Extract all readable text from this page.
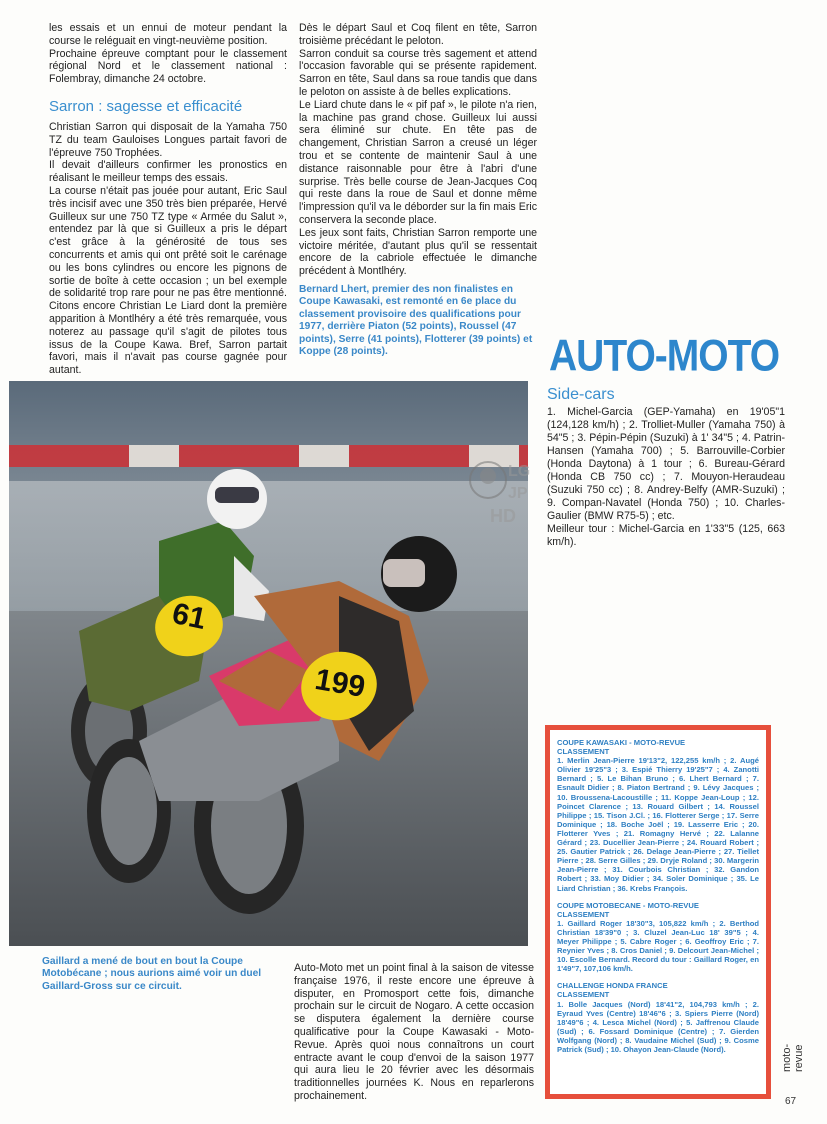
les essais et un ennui de moteur pendant la course le reléguait en vingt-neuvième position.

Prochaine épreuve comptant pour le classement régional Nord et le classement national : Folembray, dimanche 24 octobre.

Sarron : sagesse et efficacité

Christian Sarron qui disposait de la Yamaha 750 TZ du team Gauloises Longues partait favori de l'épreuve 750 Trophées.

Il devait d'ailleurs confirmer les pronostics en réalisant le meilleur temps des essais.

La course n'était pas jouée pour autant, Eric Saul très incisif avec une 350 très bien préparée, Hervé Guilleux sur une 750 TZ type « Armée du Salut », entendez par là que si Guilleux a pris le départ c'est grâce à la générosité de tous ses concurrents et amis qui ont prêté soit le carénage ou les bons cylindres ou encore les pignons de sortie de boîte à cette occasion ; un bel exemple de solidarité trop rare pour ne pas être mentionné. Citons encore Christian Le Liard dont la première apparition à Montlhéry a été très remarquée, vous noterez au passage qu'il s'agit de pilotes tous issus de la Coupe Kawa. Bref, Sarron partait favori, mais il n'avait pas course gagnée pour autant.

Dès le départ Saul et Coq filent en tête, Sarron troisième précédant le peloton.

Sarron conduit sa course très sagement et attend l'occasion favorable qui se présente rapidement. Sarron en tête, Saul dans sa roue tandis que dans le peloton on assiste à de belles explications.

Le Liard chute dans le « pif paf », le pilote n'a rien, la machine pas grand chose. Guilleux lui aussi sera éliminé sur chute. En tête pas de changement, Christian Sarron a creusé un léger trou et se contente de maintenir Saul à une distance raisonnable pour être à l'abri d'une surprise. Très belle course de Jean-Jacques Coq qui reste dans la roue de Saul et donne même l'impression qu'il va le déborder sur la fin mais Eric conservera la seconde place.

Les jeux sont faits, Christian Sarron remporte une victoire méritée, d'autant plus qu'il se ressentait encore de la cabriole effectuée le dimanche précédent à Montlhéry.

Bernard Lhert, premier des non finalistes en Coupe Kawasaki, est remonté en 6e place du classement provisoire des qualifications pour 1977, derrière Piaton (52 points), Roussel (47 points), Serre (41 points), Flotterer (39 points) et Koppe (28 points).

61
199
Gaillard a mené de bout en bout la Coupe Motobécane ; nous aurions aimé voir un duel Gaillard-Gross sur ce circuit.

Auto-Moto met un point final à la saison de vitesse française 1976, il reste encore une épreuve à disputer, en Promosport cette fois, dimanche prochain sur le circuit de Nogaro. A cette occasion se disputera également la dernière course qualificative pour la Coupe Kawasaki - Moto-Revue. Après quoi nous connaîtrons un court entracte avant le coup d'envoi de la saison 1977 qui aura lieu le 20 février avec les désormais traditionnelles journées K. Nous en reparlerons prochainement.

AUTO-MOTO
Side-cars

1. Michel-Garcia (GEP-Yamaha) en 19'05"1 (124,128 km/h) ; 2. Trolliet-Muller (Yamaha 750) à 54"5 ; 3. Pépin-Pépin (Suzuki) à 1' 34"5 ; 4. Patrin-Hansen (Yamaha 700) ; 5. Barrouville-Corbier (Honda Daytona) à 1 tour ; 6. Bureau-Gérard (Honda CB 750 cc) ; 7. Mouyon-Heraudeau (Suzuki 750 cc) ; 8. Andrey-Belfy (AMR-Suzuki) ; 9. Compan-Navatel (Honda 750) ; 10. Charles-Gaulier (BMW R75-5) ; etc.

Meilleur tour : Michel-Garcia en 1'33"5 (125, 663 km/h).

LG
JP
HD
COUPE KAWASAKI - MOTO-REVUE
CLASSEMENT
1. Merlin Jean-Pierre 19'13"2, 122,255 km/h ; 2. Augé Olivier 19'25"3 ; 3. Espié Thierry 19'25"7 ; 4. Zanotti Bernard ; 5. Le Bihan Bruno ; 6. Lhert Bernard ; 7. Esnault Didier ; 8. Piaton Bertrand ; 9. Lévy Jacques ; 10. Broussena-Lacoustille ; 11. Koppe Jean-Loup ; 12. Poincet Clarence ; 13. Rouard Gilbert ; 14. Roussel Philippe ; 15. Tison J.Cl. ; 16. Flotterer Serge ; 17. Serre Dominique ; 18. Boche Joël ; 19. Lasserre Eric ; 20. Flotterer Yves ; 21. Romagny Hervé ; 22. Lalanne Gérard ; 23. Ducellier Jean-Pierre ; 24. Rouard Robert ; 25. Gautier Patrick ; 26. Delage Jean-Pierre ; 27. Tiellet Pierre ; 28. Serre Gilles ; 29. Dryje Roland ; 30. Margerin Jean-Pierre ; 31. Courbois Christian ; 32. Gandon Robert ; 33. Moy Didier ; 34. Soler Dominique ; 35. Le Liard Christian ; 36. Krebs François.
COUPE MOTOBECANE - MOTO-REVUE
CLASSEMENT
1. Gaillard Roger 18'30"3, 105,822 km/h ; 2. Berthod Christian 18'39"0 ; 3. Cluzel Jean-Luc 18' 39"5 ; 4. Meyer Philippe ; 5. Cabre Roger ; 6. Geoffroy Eric ; 7. Reynier Yves ; 8. Cros Daniel ; 9. Delcourt Jean-Michel ; 10. Escolle Bernard. Record du tour : Gaillard Roger, en 1'49"7, 107,106 km/h.
CHALLENGE HONDA FRANCE
CLASSEMENT
1. Bolle Jacques (Nord) 18'41"2, 104,793 km/h ; 2. Eyraud Yves (Centre) 18'46"6 ; 3. Spiers Pierre (Nord) 18'49"6 ; 4. Lesca Michel (Nord) ; 5. Jaffrenou Claude (Sud) ; 6. Fossard Dominique (Centre) ; 7. Gierden Wolfgang (Nord) ; 8. Vaudaine Michel (Sud) ; 9. Cosme Patrick (Sud) ; 10. Ohayon Jean-Claude (Nord).	moto-revue
67
